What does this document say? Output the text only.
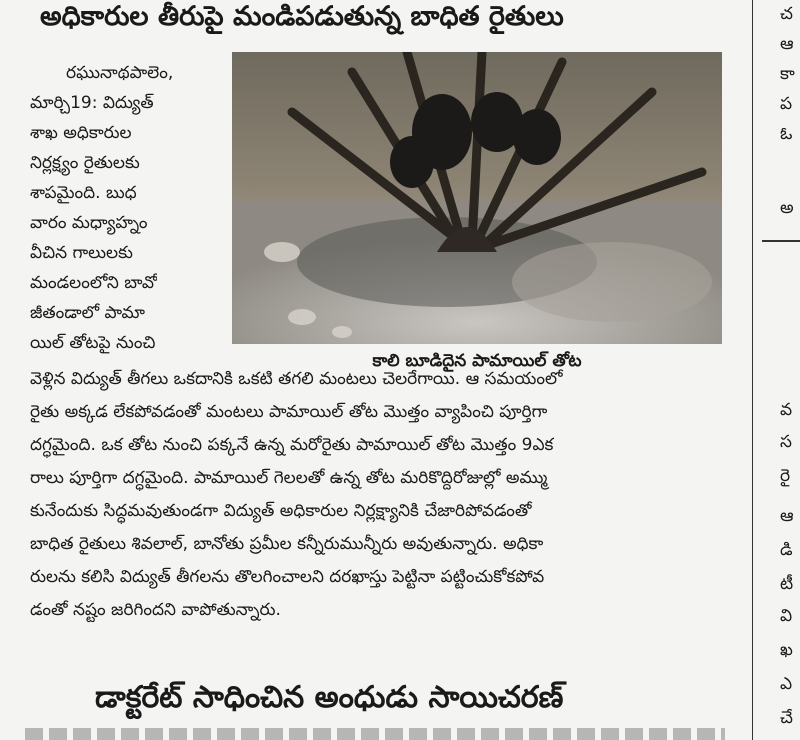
అధికారుల తీరుపై మండిపడుతున్న బాధిత రైతులు
కాలి బూడిదైన పామాయిల్ తోట
రఘునాథపాలెం,
మార్చి19: విద్యుత్
శాఖ అధికారుల
నిర్లక్ష్యం రైతులకు
శాపమైంది. బుధ
వారం మధ్యాహ్నం
వీచిన గాలులకు
మండలంలోని బావో
జీతండాలో పామా
యిల్ తోటపై నుంచి
వెళ్లిన విద్యుత్ తీగలు ఒకదానికి ఒకటి తగలి మంటలు చెలరేగాయి. ఆ సమయంలో
రైతు అక్కడ లేకపోవడంతో మంటలు పామాయిల్ తోట మొత్తం వ్యాపించి పూర్తిగా
దగ్ధమైంది. ఒక తోట నుంచి పక్కనే ఉన్న మరోరైతు పామాయిల్ తోట మొత్తం 9ఎక
రాలు పూర్తిగా దగ్ధమైంది. పామాయిల్ గెలలతో ఉన్న తోట మరికొద్దిరోజుల్లో అమ్ము
కునేందుకు సిద్ధమవుతుండగా విద్యుత్ అధికారుల నిర్లక్ష్యానికి చేజారిపోవడంతో
బాధిత రైతులు శివలాల్, బానోతు ప్రమీల కన్నీరుమున్నీరు అవుతున్నారు. అధికా
రులను కలిసి విద్యుత్ తీగలను తొలగించాలని దరఖాస్తు పెట్టినా పట్టించుకోకపోవ
డంతో నష్టం జరిగిందని వాపోతున్నారు.
డాక్టరేట్ సాధించిన అంధుడు సాయిచరణ్
చ
ఆ
కా
ప
ఓ
అ
వ
స
రై
ఆ
డి
టీ
వి
ఖ
ఎ
చే
